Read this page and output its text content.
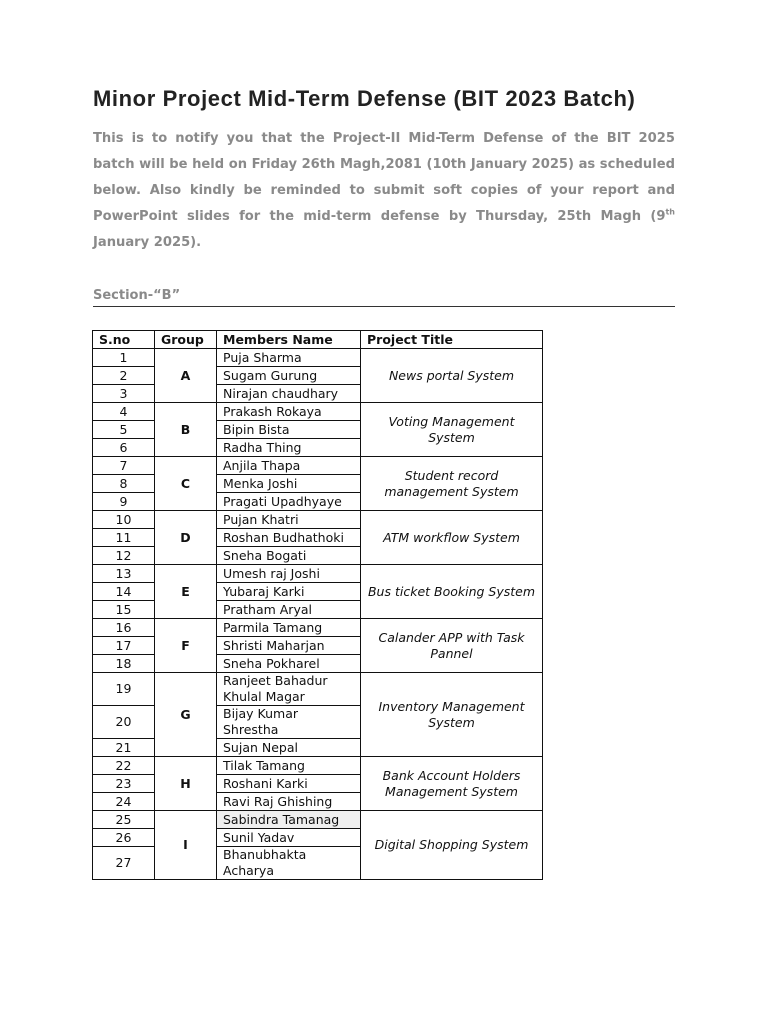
Minor Project Mid-Term Defense (BIT 2023 Batch)
This is to notify you that the Project-II Mid-Term Defense of the BIT 2025 batch will be held on Friday 26th Magh,2081 (10th January 2025) as scheduled below. Also kindly be reminded to submit soft copies of your report and PowerPoint slides for the mid-term defense by Thursday, 25th Magh (9th January 2025).
Section-“B”
S.no	Group	Members Name	Project Title
1	A	Puja Sharma	News portal System
2		Sugam Gurung	
3		Nirajan chaudhary	
4	B	Prakash Rokaya	Voting Management System
5		Bipin Bista	
6		Radha Thing	
7	C	Anjila Thapa	Student record management System
8		Menka Joshi	
9		Pragati Upadhyaye	
10	D	Pujan Khatri	ATM workflow System
11		Roshan Budhathoki	
12		Sneha Bogati	
13	E	Umesh raj Joshi	Bus ticket Booking System
14		Yubaraj Karki	
15		Pratham Aryal	
16	F	Parmila Tamang	Calander APP with Task Pannel
17		Shristi Maharjan	
18		Sneha Pokharel	
19	G	Ranjeet Bahadur Khulal Magar	Inventory Management System
20		Bijay Kumar Shrestha	
21		Sujan Nepal	
22	H	Tilak Tamang	Bank Account Holders Management System
23		Roshani Karki	
24		Ravi Raj Ghishing	
25	I	Sabindra Tamanag	Digital Shopping System
26		Sunil Yadav	
27		Bhanubhakta Acharya	
